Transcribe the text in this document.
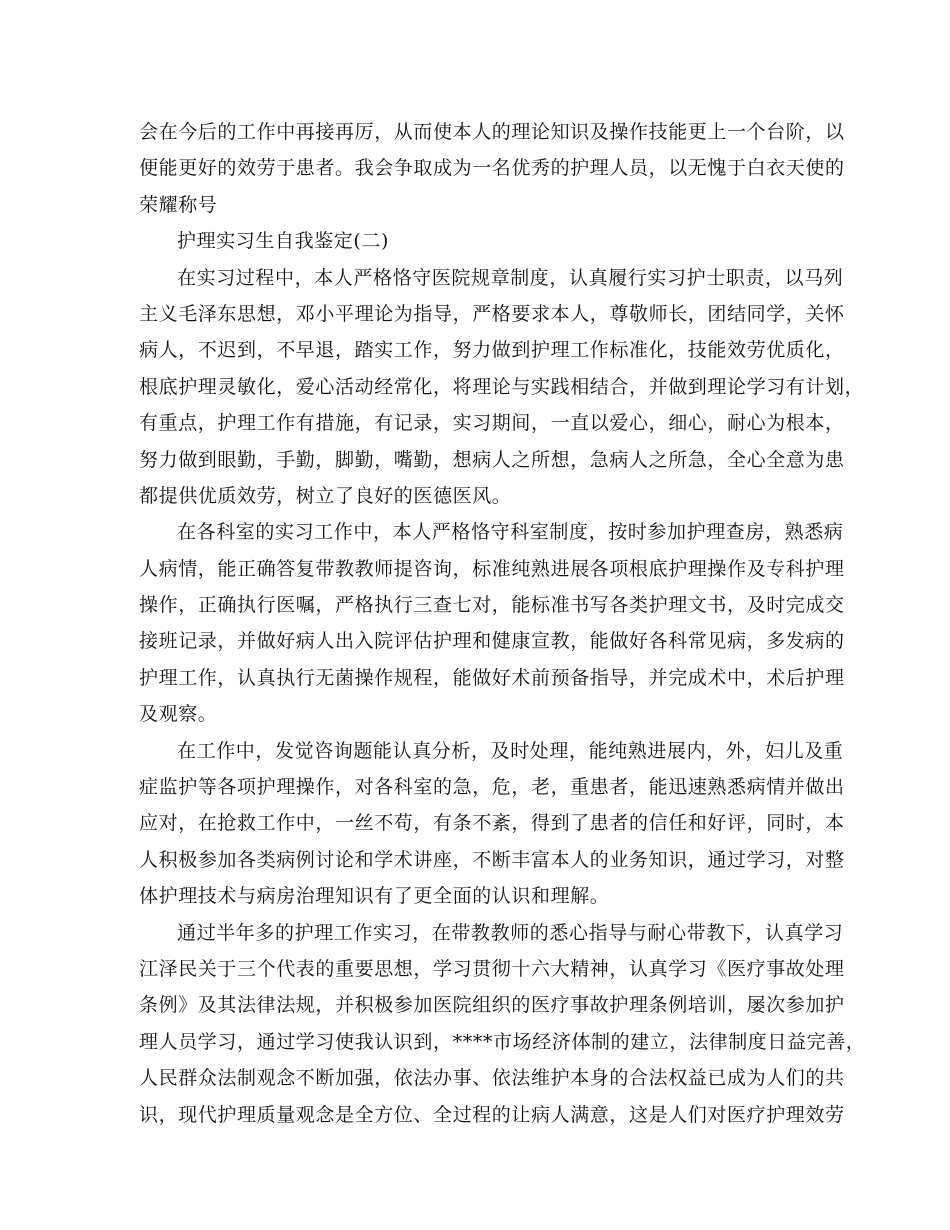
会在今后的工作中再接再厉，从而使本人的理论知识及操作技能更上一个台阶，以
便能更好的效劳于患者。我会争取成为一名优秀的护理人员，以无愧于白衣天使的
荣耀称号
护理实习生自我鉴定(二)
在实习过程中，本人严格恪守医院规章制度，认真履行实习护士职责，以马列
主义毛泽东思想，邓小平理论为指导，严格要求本人，尊敬师长，团结同学，关怀
病人，不迟到，不早退，踏实工作，努力做到护理工作标准化，技能效劳优质化，
根底护理灵敏化，爱心活动经常化，将理论与实践相结合，并做到理论学习有计划，
有重点，护理工作有措施，有记录，实习期间，一直以爱心，细心，耐心为根本，
努力做到眼勤，手勤，脚勤，嘴勤，想病人之所想，急病人之所急，全心全意为患
都提供优质效劳，树立了良好的医德医风。
在各科室的实习工作中，本人严格恪守科室制度，按时参加护理查房，熟悉病
人病情，能正确答复带教教师提咨询，标准纯熟进展各项根底护理操作及专科护理
操作，正确执行医嘱，严格执行三查七对，能标准书写各类护理文书，及时完成交
接班记录，并做好病人出入院评估护理和健康宣教，能做好各科常见病，多发病的
护理工作，认真执行无菌操作规程，能做好术前预备指导，并完成术中，术后护理
及观察。
在工作中，发觉咨询题能认真分析，及时处理，能纯熟进展内，外，妇儿及重
症监护等各项护理操作，对各科室的急，危，老，重患者，能迅速熟悉病情并做出
应对，在抢救工作中，一丝不苟，有条不紊，得到了患者的信任和好评，同时，本
人积极参加各类病例讨论和学术讲座，不断丰富本人的业务知识，通过学习，对整
体护理技术与病房治理知识有了更全面的认识和理解。
通过半年多的护理工作实习，在带教教师的悉心指导与耐心带教下，认真学习
江泽民关于三个代表的重要思想，学习贯彻十六大精神，认真学习《医疗事故处理
条例》及其法律法规，并积极参加医院组织的医疗事故护理条例培训，屡次参加护
理人员学习，通过学习使我认识到，****市场经济体制的建立，法律制度日益完善，
人民群众法制观念不断加强，依法办事、依法维护本身的合法权益已成为人们的共
识，现代护理质量观念是全方位、全过程的让病人满意，这是人们对医疗护理效劳
